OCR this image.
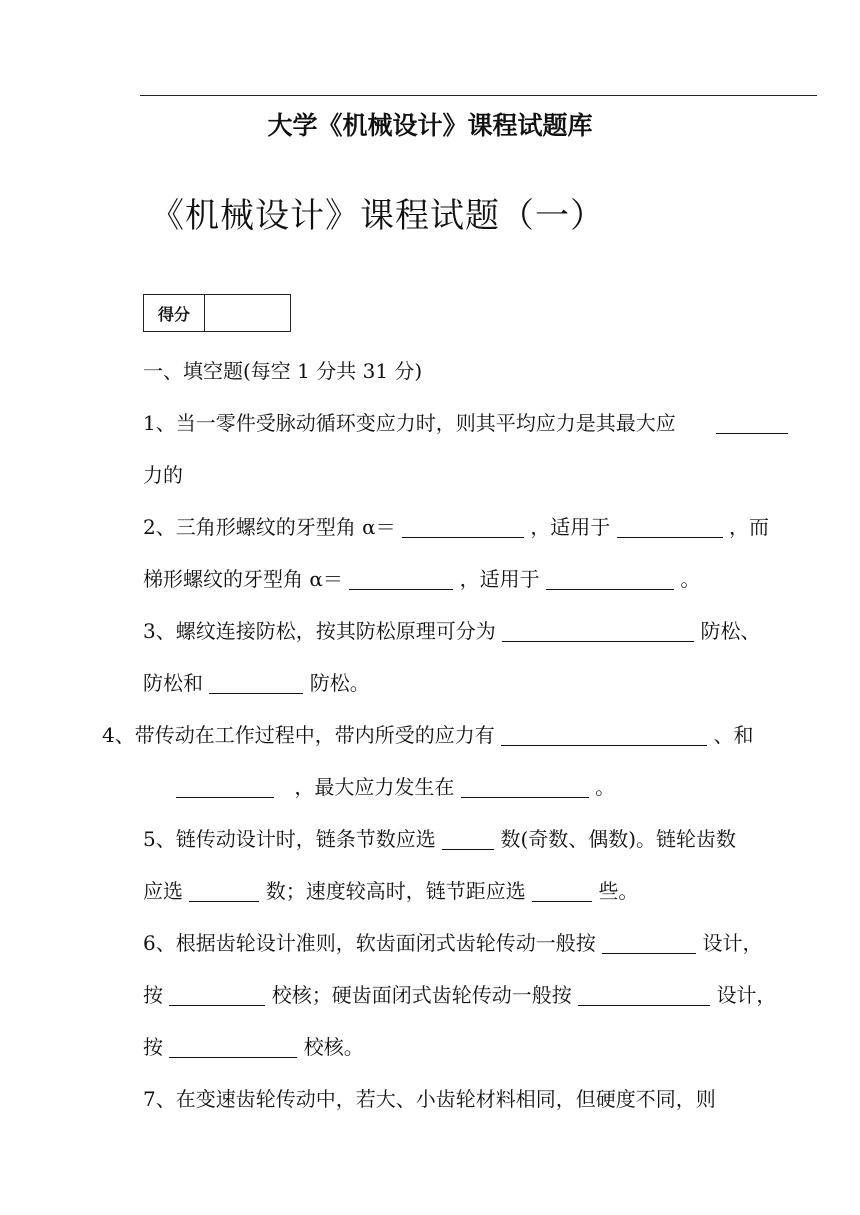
大学《机械设计》课程试题库
《机械设计》课程试题（一）
得分
一、填空题(每空 1 分共 31 分)
1、当一零件受脉动循环变应力时，则其平均应力是其最大应
力的
2、三角形螺纹的牙型角 α＝	，适用于	，而
梯形螺纹的牙型角 α＝	，适用于	。
3、螺纹连接防松，按其防松原理可分为	防松、
防松和	防松。
4、带传动在工作过程中，带内所受的应力有	、和
，最大应力发生在	。
5、链传动设计时，链条节数应选	数(奇数、偶数)。链轮齿数
应选	数；速度较高时，链节距应选	些。
6、根据齿轮设计准则，软齿面闭式齿轮传动一般按	设计，
按	校核；硬齿面闭式齿轮传动一般按	设计，
按	校核。
7、在变速齿轮传动中，若大、小齿轮材料相同，但硬度不同，则
